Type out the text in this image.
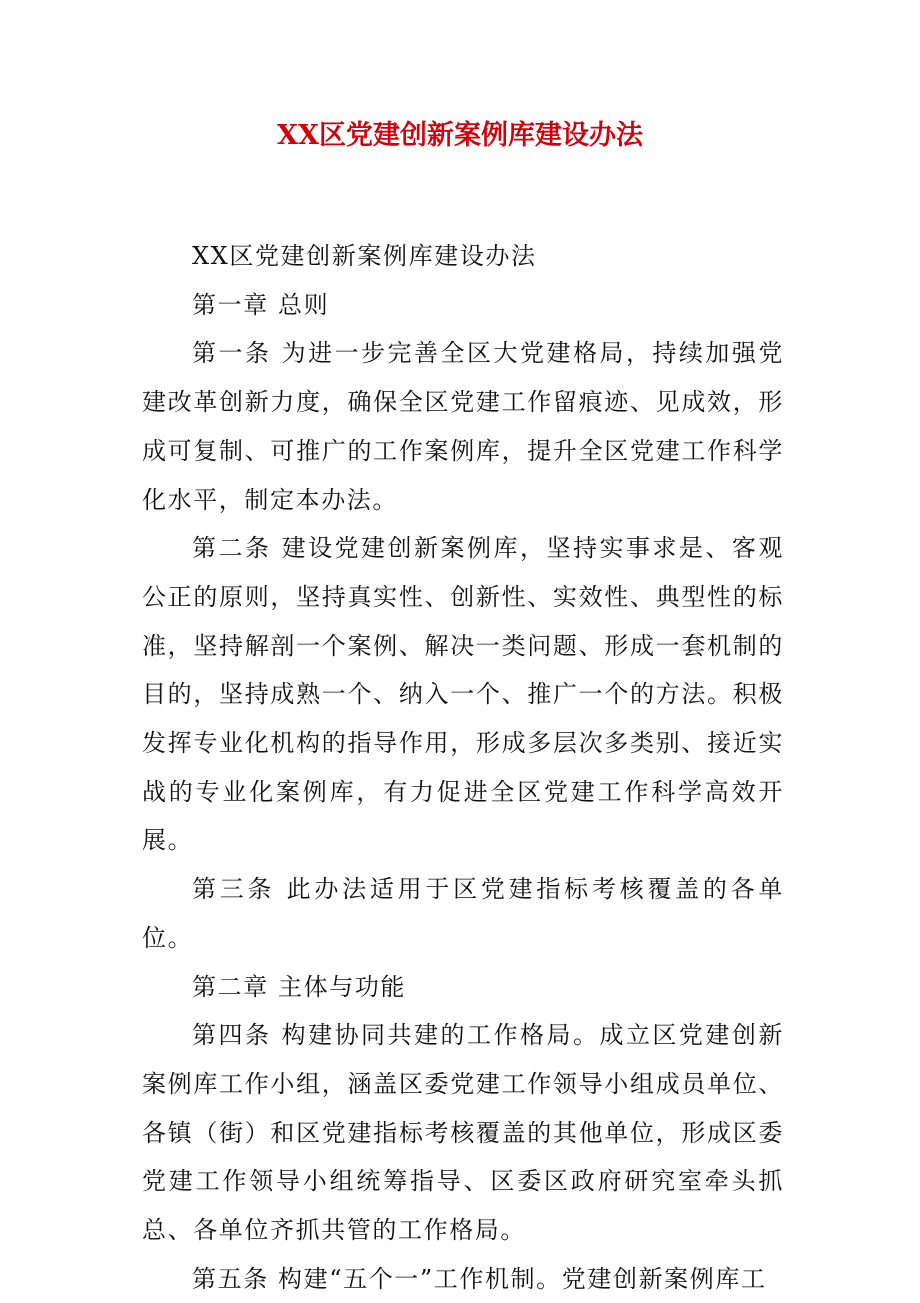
XX区党建创新案例库建设办法

XX区党建创新案例库建设办法

第一章 总则

第一条 为进一步完善全区大党建格局，持续加强党建改革创新力度，确保全区党建工作留痕迹、见成效，形成可复制、可推广的工作案例库，提升全区党建工作科学化水平，制定本办法。

第二条 建设党建创新案例库，坚持实事求是、客观公正的原则，坚持真实性、创新性、实效性、典型性的标准，坚持解剖一个案例、解决一类问题、形成一套机制的目的，坚持成熟一个、纳入一个、推广一个的方法。积极发挥专业化机构的指导作用，形成多层次多类别、接近实战的专业化案例库，有力促进全区党建工作科学高效开展。

第三条 此办法适用于区党建指标考核覆盖的各单位。

第二章 主体与功能

第四条 构建协同共建的工作格局。成立区党建创新案例库工作小组，涵盖区委党建工作领导小组成员单位、各镇（街）和区党建指标考核覆盖的其他单位，形成区委党建工作领导小组统筹指导、区委区政府研究室牵头抓总、各单位齐抓共管的工作格局。

第五条 构建“五个一”工作机制。党建创新案例库工
